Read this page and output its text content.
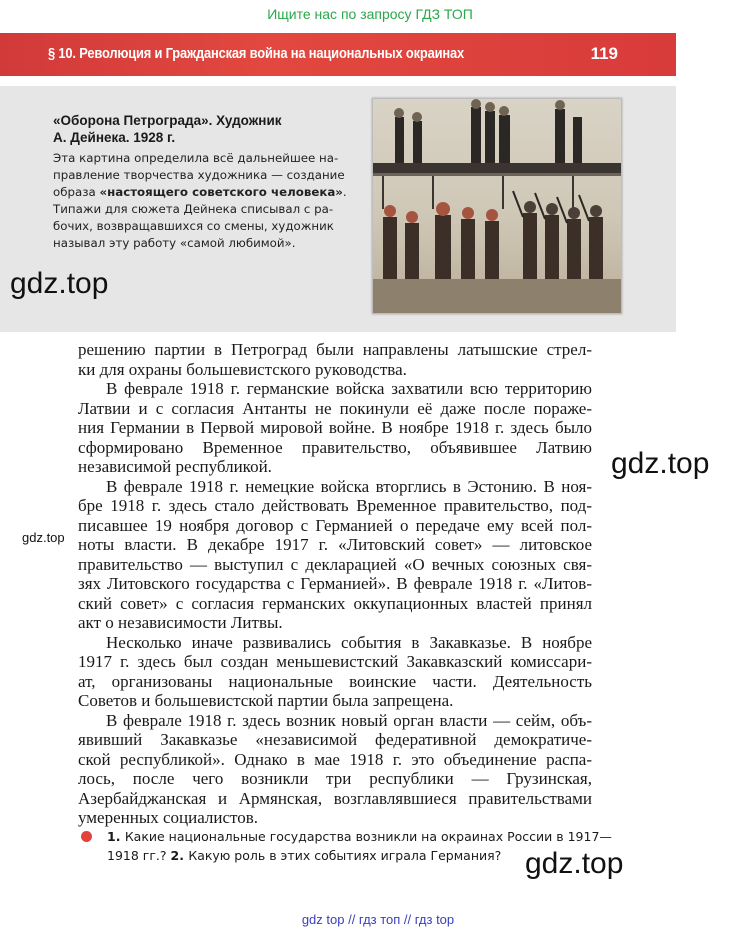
Ищите нас по запросу ГДЗ ТОП
§ 10. Революция и Гражданская война на национальных окраинах	119
«Оборона Петрограда». Художник
А. Дейнека. 1928 г.
Эта картина определила всё дальнейшее на-
правление творчества художника — создание
образа «настоящего советского человека».
Типажи для сюжета Дейнека списывал с ра-
бочих, возвращавшихся со смены, художник
называл эту работу «самой любимой».
gdz.top
gdz.top
gdz.top
gdz.top
решению партии в Петроград были направлены латышские стрел-
ки для охраны большевистского руководства.
В феврале 1918 г. германские войска захватили всю территорию
Латвии и с согласия Антанты не покинули её даже после пораже-
ния Германии в Первой мировой войне. В ноябре 1918 г. здесь было
сформировано Временное правительство, объявившее Латвию
независимой республикой.
В феврале 1918 г. немецкие войска вторглись в Эстонию. В ноя-
бре 1918 г. здесь стало действовать Временное правительство, под-
писавшее 19 ноября договор с Германией о передаче ему всей пол-
ноты власти. В декабре 1917 г. «Литовский совет» — литовское
правительство — выступил с декларацией «О вечных союзных свя-
зях Литовского государства с Германией». В феврале 1918 г. «Литов-
ский совет» с согласия германских оккупационных властей принял
акт о независимости Литвы.
Несколько иначе развивались события в Закавказье. В ноябре
1917 г. здесь был создан меньшевистский Закавказский комиссари-
ат, организованы национальные воинские части. Деятельность
Советов и большевистской партии была запрещена.
В феврале 1918 г. здесь возник новый орган власти — сейм, объ-
явивший Закавказье «независимой федеративной демократиче-
ской республикой». Однако в мае 1918 г. это объединение распа-
лось, после чего возникли три республики — Грузинская,
Азербайджанская и Армянская, возглавлявшиеся правительствами
умеренных социалистов.
1. Какие национальные государства возникли на окраинах России в 1917—
1918 гг.? 2. Какую роль в этих событиях играла Германия?
gdz top // гдз топ // гдз top
